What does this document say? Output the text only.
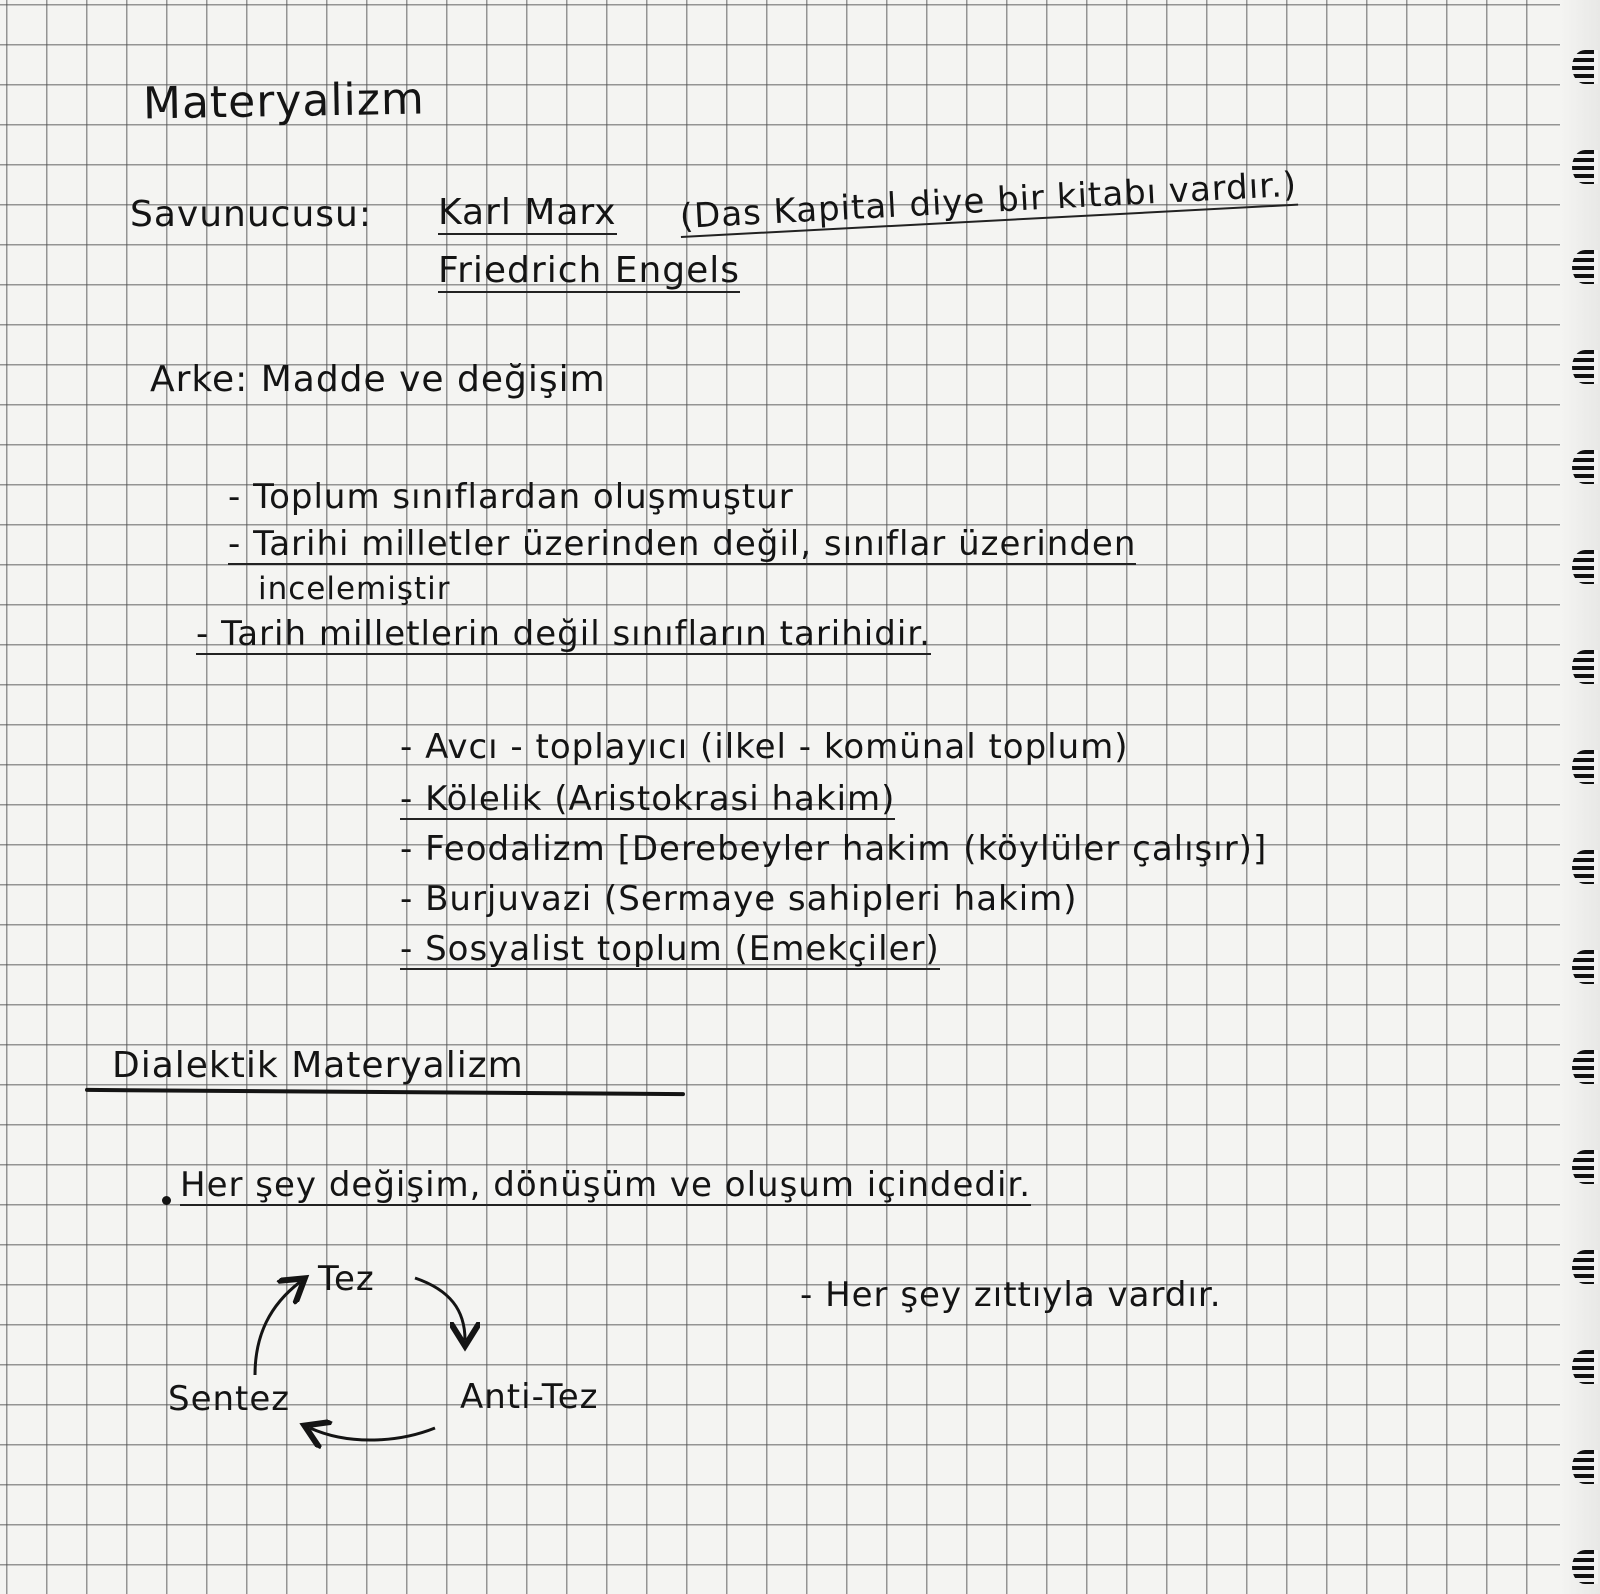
Materyalizm
Savunucusu: Karl Marx (Das Kapital diye bir kitabı vardır.)
Friedrich Engels
Arke: Madde ve değişim
- Toplum sınıflardan oluşmuştur
- Tarihi milletler üzerinden değil, sınıflar üzerinden
incelemiştir
- Tarih milletlerin değil sınıfların tarihidir.
- Avcı - toplayıcı (ilkel - komünal toplum)
- Kölelik (Aristokrasi hakim)
- Feodalizm [Derebeyler hakim (köylüler çalışır)]
- Burjuvazi (Sermaye sahipleri hakim)
- Sosyalist toplum (Emekçiler)
Dialektik Materyalizm
Her şey değişim, dönüşüm ve oluşum içindedir.
- Her şey zıttıyla vardır.
Tez
Anti-Tez
Sentez
